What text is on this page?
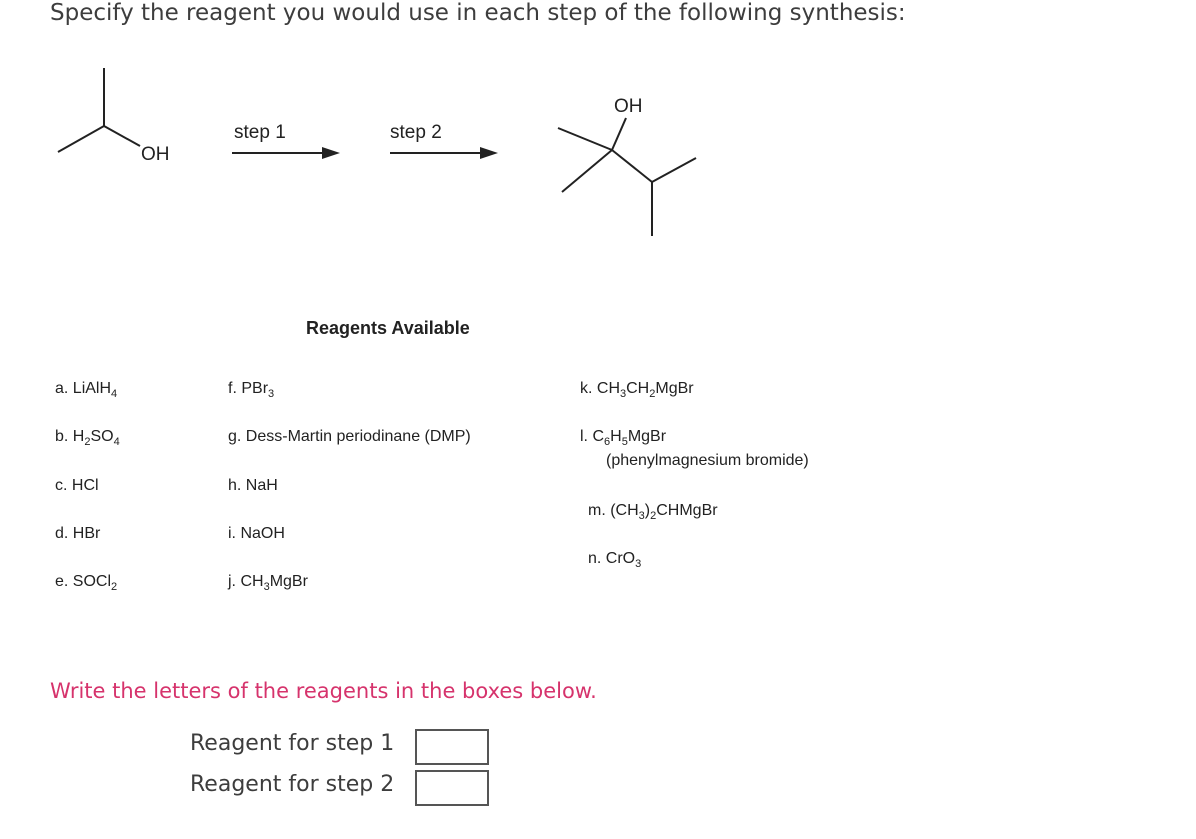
Specify the reagent you would use in each step of the following synthesis:
OH
step 1	step 2
OH
Reagents Available
a. LiAlH$_4$
b. $H_2SO_4$
c. HCl
d. HBr
e. SOCl$_2$
f. PBr$_3$
g. Dess-Martin periodinane (DMP)
h. NaH
i. NaOH
j. $CH_3MgBr$
k. $CH_3CH_2MgBr$
l. $C_6H_5MgBr$
(phenylmagnesium bromide)
m. $(CH_3)_2CHMgBr$
n. CrO$_3$
Write the letters of the reagents in the boxes below.
Reagent for step 1
Reagent for step 2
